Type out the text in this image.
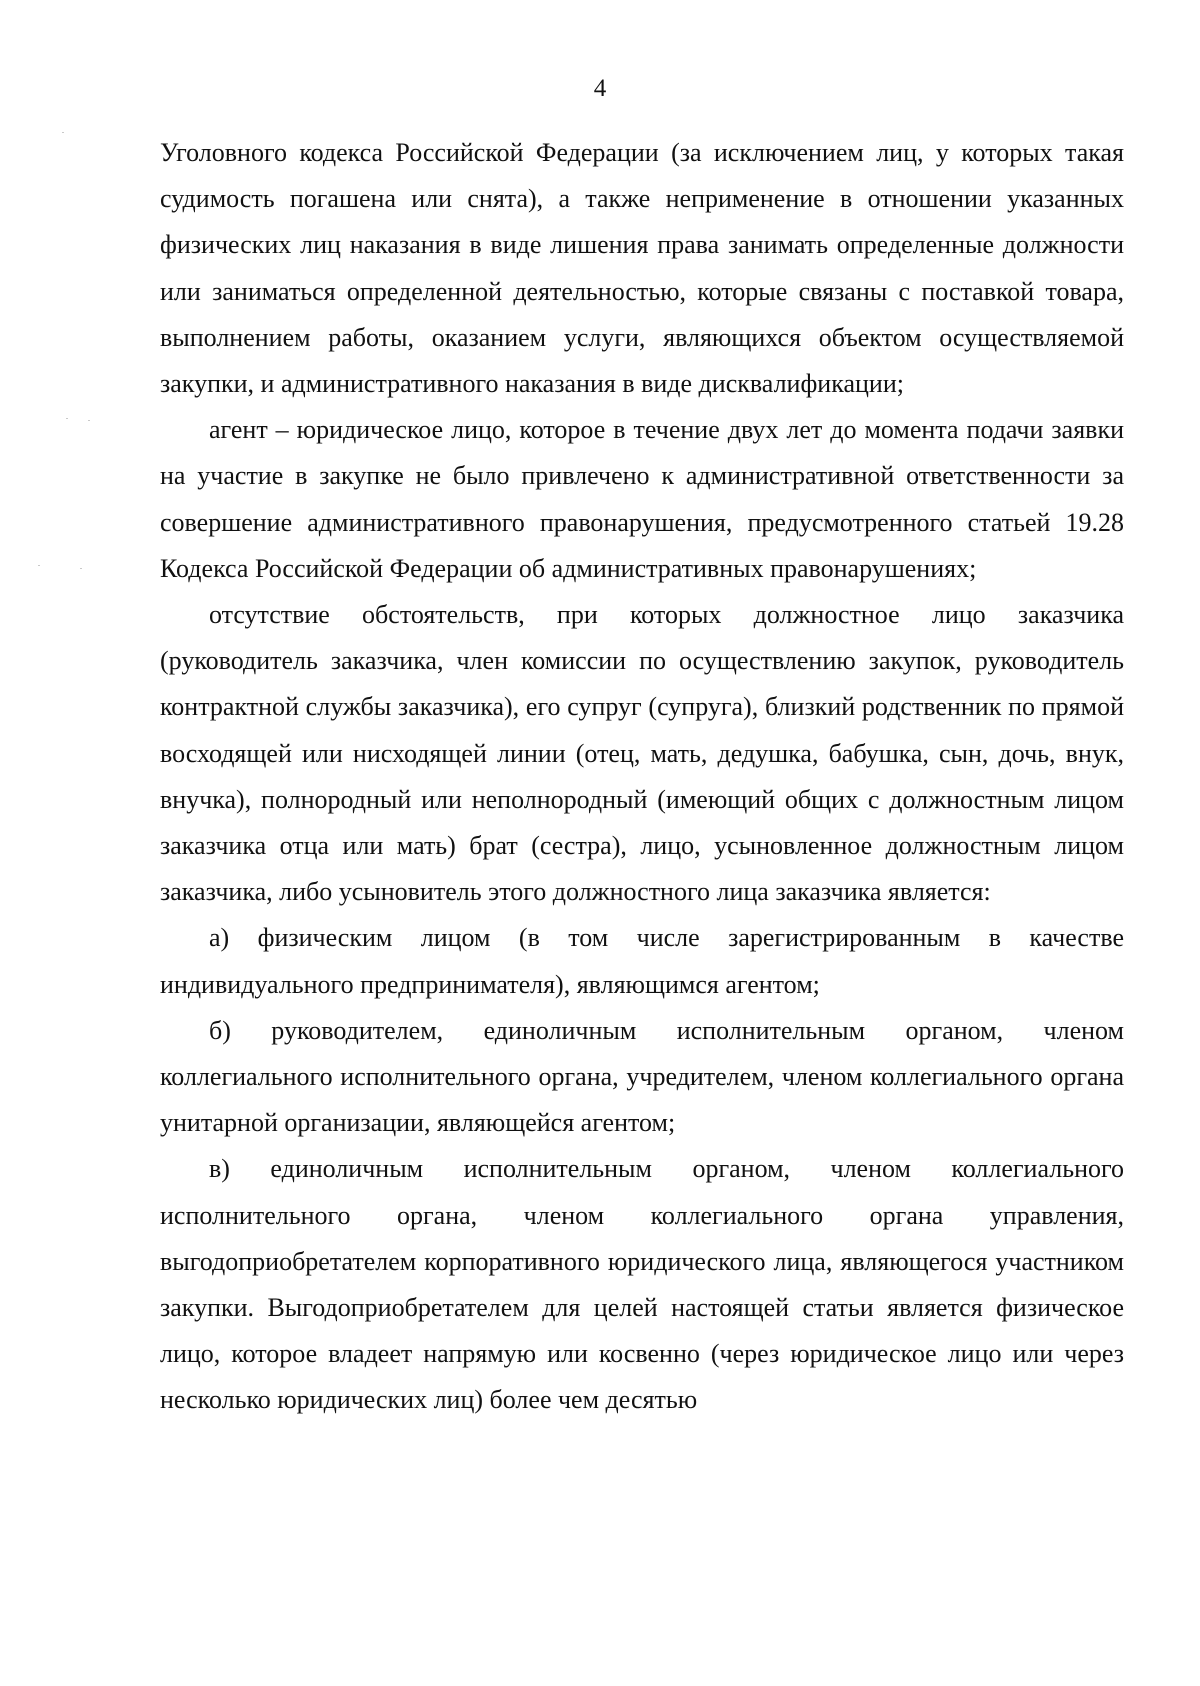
4

Уголовного кодекса Российской Федерации (за исключением лиц, у которых такая судимость погашена или снята), а также неприменение в отношении указанных физических лиц наказания в виде лишения права занимать определенные должности или заниматься определенной деятельностью, которые связаны с поставкой товара, выполнением работы, оказанием услуги, являющихся объектом осуществляемой закупки, и административного наказания в виде дисквалификации;

агент – юридическое лицо, которое в течение двух лет до момента подачи заявки на участие в закупке не было привлечено к административной ответственности за совершение административного правонарушения, предусмотренного статьей 19.28 Кодекса Российской Федерации об административных правонарушениях;

отсутствие обстоятельств, при которых должностное лицо заказчика (руководитель заказчика, член комиссии по осуществлению закупок, руководитель контрактной службы заказчика), его супруг (супруга), близкий родственник по прямой восходящей или нисходящей линии (отец, мать, дедушка, бабушка, сын, дочь, внук, внучка), полнородный или неполнородный (имеющий общих с должностным лицом заказчика отца или мать) брат (сестра), лицо, усыновленное должностным лицом заказчика, либо усыновитель этого должностного лица заказчика является:

а) физическим лицом (в том числе зарегистрированным в качестве индивидуального предпринимателя), являющимся агентом;

б) руководителем, единоличным исполнительным органом, членом коллегиального исполнительного органа, учредителем, членом коллегиального органа унитарной организации, являющейся агентом;

в) единоличным исполнительным органом, членом коллегиального исполнительного органа, членом коллегиального органа управления, выгодоприобретателем корпоративного юридического лица, являющегося участником закупки. Выгодоприобретателем для целей настоящей статьи является физическое лицо, которое владеет напрямую или косвенно (через юридическое лицо или через несколько юридических лиц) более чем десятью
